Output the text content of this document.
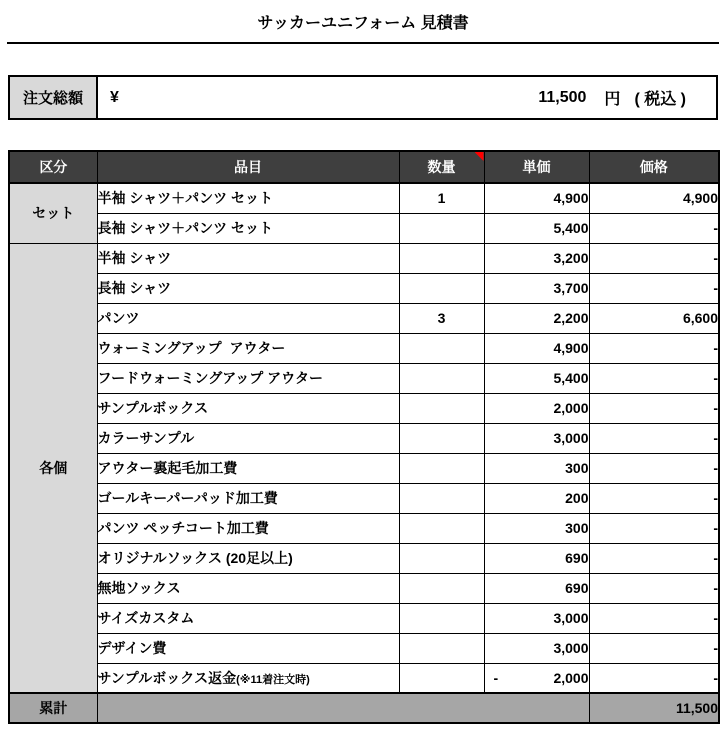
サッカーユニフォーム 見積書
注文総額	¥	11,500 円 ( 税込 )
区分	品目	数量	単価	価格
セット	半袖 シャツ＋パンツ セット	1	4,900	4,900
	長袖 シャツ＋パンツ セット		5,400	-
各個	半袖 シャツ		3,200	-
	長袖 シャツ		3,700	-
	パンツ	3	2,200	6,600
	ウォーミングアップ  アウター		4,900	-
	フードウォーミングアップ アウター		5,400	-
	サンプルボックス		2,000	-
	カラーサンプル		3,000	-
	アウター裏起毛加工費		300	-
	ゴールキーパーパッド加工費		200	-
	パンツ ペッチコート加工費		300	-
	オリジナルソックス (20足以上)		690	-
	無地ソックス		690	-
	サイズカスタム		3,000	-
	デザイン費		3,000	-
	サンプルボックス返金(※11着注文時)		- 2,000	-
累計				11,500
